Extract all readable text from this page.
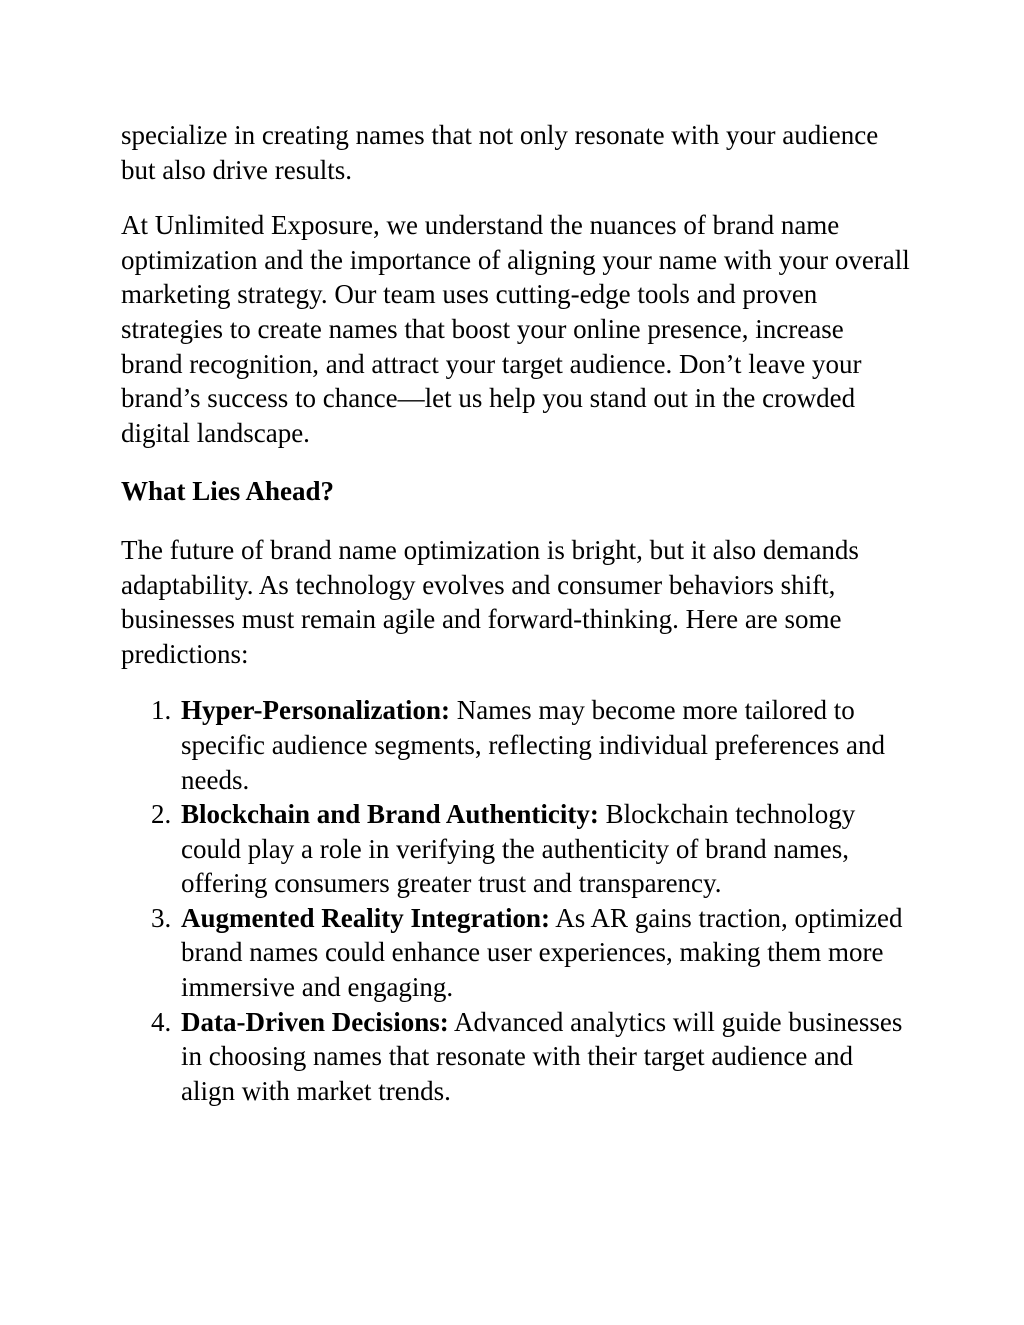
specialize in creating names that not only resonate with your audience but also drive results.

At Unlimited Exposure, we understand the nuances of brand name optimization and the importance of aligning your name with your overall marketing strategy. Our team uses cutting-edge tools and proven strategies to create names that boost your online presence, increase brand recognition, and attract your target audience. Don’t leave your brand’s success to chance—let us help you stand out in the crowded digital landscape.

What Lies Ahead?

The future of brand name optimization is bright, but it also demands adaptability. As technology evolves and consumer behaviors shift, businesses must remain agile and forward-thinking. Here are some predictions:

1. Hyper-Personalization: Names may become more tailored to specific audience segments, reflecting individual preferences and needs.
2. Blockchain and Brand Authenticity: Blockchain technology could play a role in verifying the authenticity of brand names, offering consumers greater trust and transparency.
3. Augmented Reality Integration: As AR gains traction, optimized brand names could enhance user experiences, making them more immersive and engaging.
4. Data-Driven Decisions: Advanced analytics will guide businesses in choosing names that resonate with their target audience and align with market trends.
